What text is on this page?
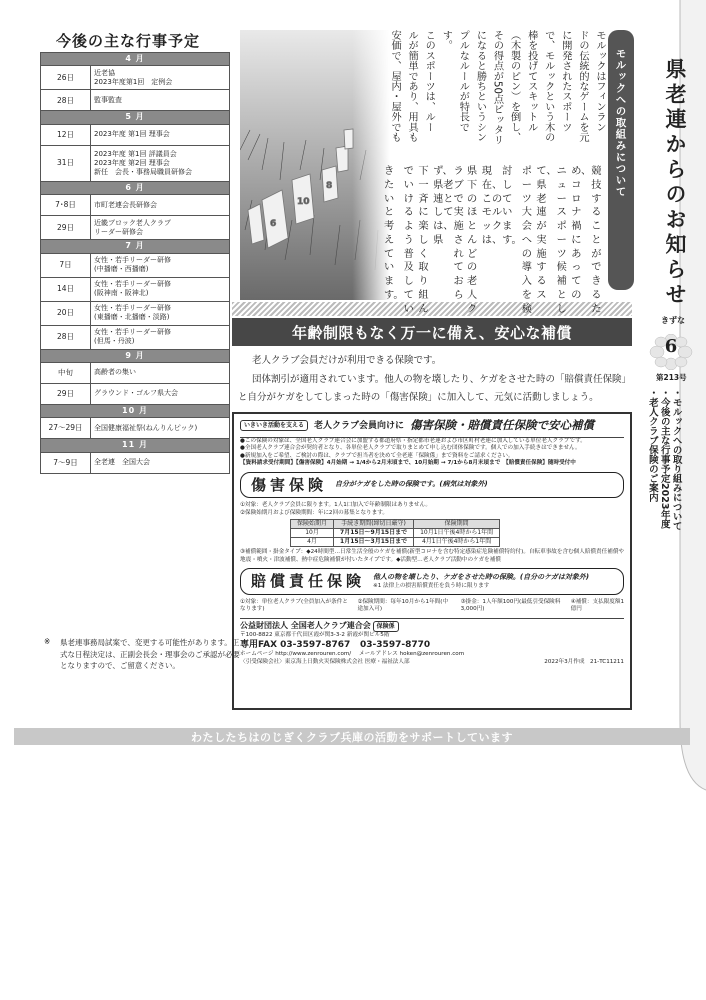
今後の主な行事予定
4 月	
26日	近老協
2023年度第1回　定例会

28日	監事監査

5 月	
12日	2023年度 第1回 理事会

31日	2023年度 第1回 評議員会
2023年度 第2回 理事会
新任　会長・事務局職員研修会

6 月	
7･8日	市町老連会長研修会

29日	近畿ブロック老人クラブ
リーダー研修会

7 月	
7日	女性・若手リーダー研修
(中播磨・西播磨)

14日	女性・若手リーダー研修
(阪神南・阪神北)

20日	女性・若手リーダー研修
(東播磨・北播磨・淡路)

28日	女性・若手リーダー研修
(但馬・丹波)

9 月	
中旬	高齢者の集い

29日	グラウンド・ゴルフ県大会

10 月	
27〜29日	全国健康福祉祭(ねんりんピック)

11 月	
7〜9日	全老連　全国大会
※ 県老連事務局試案で、変更する可能性があります。正式な日程決定は、正副会長会・理事会のご承認が必要となりますので、ご留意ください。
モルックはフィンラン
ドの伝統的なゲームを元
に開発されたスポーツ
で、モルックという木の
棒を投げてスキットル
（木製のピン）を倒し、
その得点が50点ピッタリ
になると勝ちというシン
プルなルールが特長で
す。
このスポーツは、ルー
ルが簡単であり、用具も
安価で、屋内・屋外でも	モルックへの取組みについて	県老連からのお知らせ
きずな
6
第213号
・モルックへの取り組みについて
・今後の主な行事予定2023年度
・老人クラブ保険のご案内
年齢制限もなく万一に備え、安心な補償

老人クラブ会員だけが利用できる保険です。

団体割引が適用されています。他人の物を壊したり、ケガをさせた時の「賠償責任保険」と自分がケガをしてしまった時の「傷害保険」に加入して、元気に活動しましょう。

いきいき活動を支える	老人クラブ会員向けに 傷害保険・賠償責任保険で安心補償
●この保険の対象は、全国老人クラブ連合会に加盟する都道府県・指定都市老連および市区町村老連に加入している単位老人クラブです。
●全国老人クラブ連合会が契約者となり、各単位老人クラブで取りまとめて申し込む団体保険です。個人での加入手続きはできません。
●新規加入をご希望、ご検討の際は、クラブで担当者を決めて全老連「保険係」まで資料をご請求ください。
【資料請求受付期間】【傷害保険】4月始期 → 1/4から2月末頃まで、10月始期 → 7/1から8月末頃まで　【賠償責任保険】随時受付中
傷害保険 自分がケガをした時の保険です。(病気は対象外)
①対象：老人クラブ会員に限ります。1人1口加入で年齢制限はありません。
②保険始期月および保険期間：年に2回の募集となります。
保険始期月	手続き期間(締切日厳守)	保険期間
10月	7月15日〜9月15日まで	10月1日午後4時から1年間
4月	1月15日〜3月15日まで	4月1日午後4時から1年間
③補償範囲・掛金タイプ：◆24時間型…日常生活全般のケガを補償(新型コロナを含む特定感染症危険補償特約付)。自転車事故を含む個人賠償責任補償や地震・噴火・津波補償、熱中症危険補償が付いたタイプです。◆活動型…老人クラブ活動中のケガを補償
賠償責任保険 他人の物を壊したり、ケガをさせた時の保険。(自分のケガは対象外)
※1 法律上の損害賠償責任を負う時に限ります
①対象：単位老人クラブ(全員加入が条件となります)
②保険期間：毎年10月から1年間(中途加入可)
③掛金：1人年額100円(最低引受保険料3,000円)
④補償：支払限度額1億円
公益財団法人 全国老人クラブ連合会 保険係
〒100-8822 東京都千代田区霞が関3-3-2 新霞が関ビル5階
専用FAX 03-3597-8767 03-3597-8770
ホームページ http://www.zenrouren.com/ メールアドレス hoken@zenrouren.com
〈引受保険会社〉東京海上日動火災保険株式会社 医療・福祉法人部	2022年3月作成　21-TC11211
わたしたちはのじぎくクラブ兵庫の活動をサポートしています
競技することができるた
め、コロナ禍にあっての
ニュースポーツ候補とし
て、県老連が実施するス
ポーツ大会への導入を検
討しています。
現在、このモルックは、
県下のほとんどの老人ク
ラブで実施されておら
ず、県老連としては、県
下一斉に楽しく取り組ん
でいけるよう普及してい
きたいと考えています。
